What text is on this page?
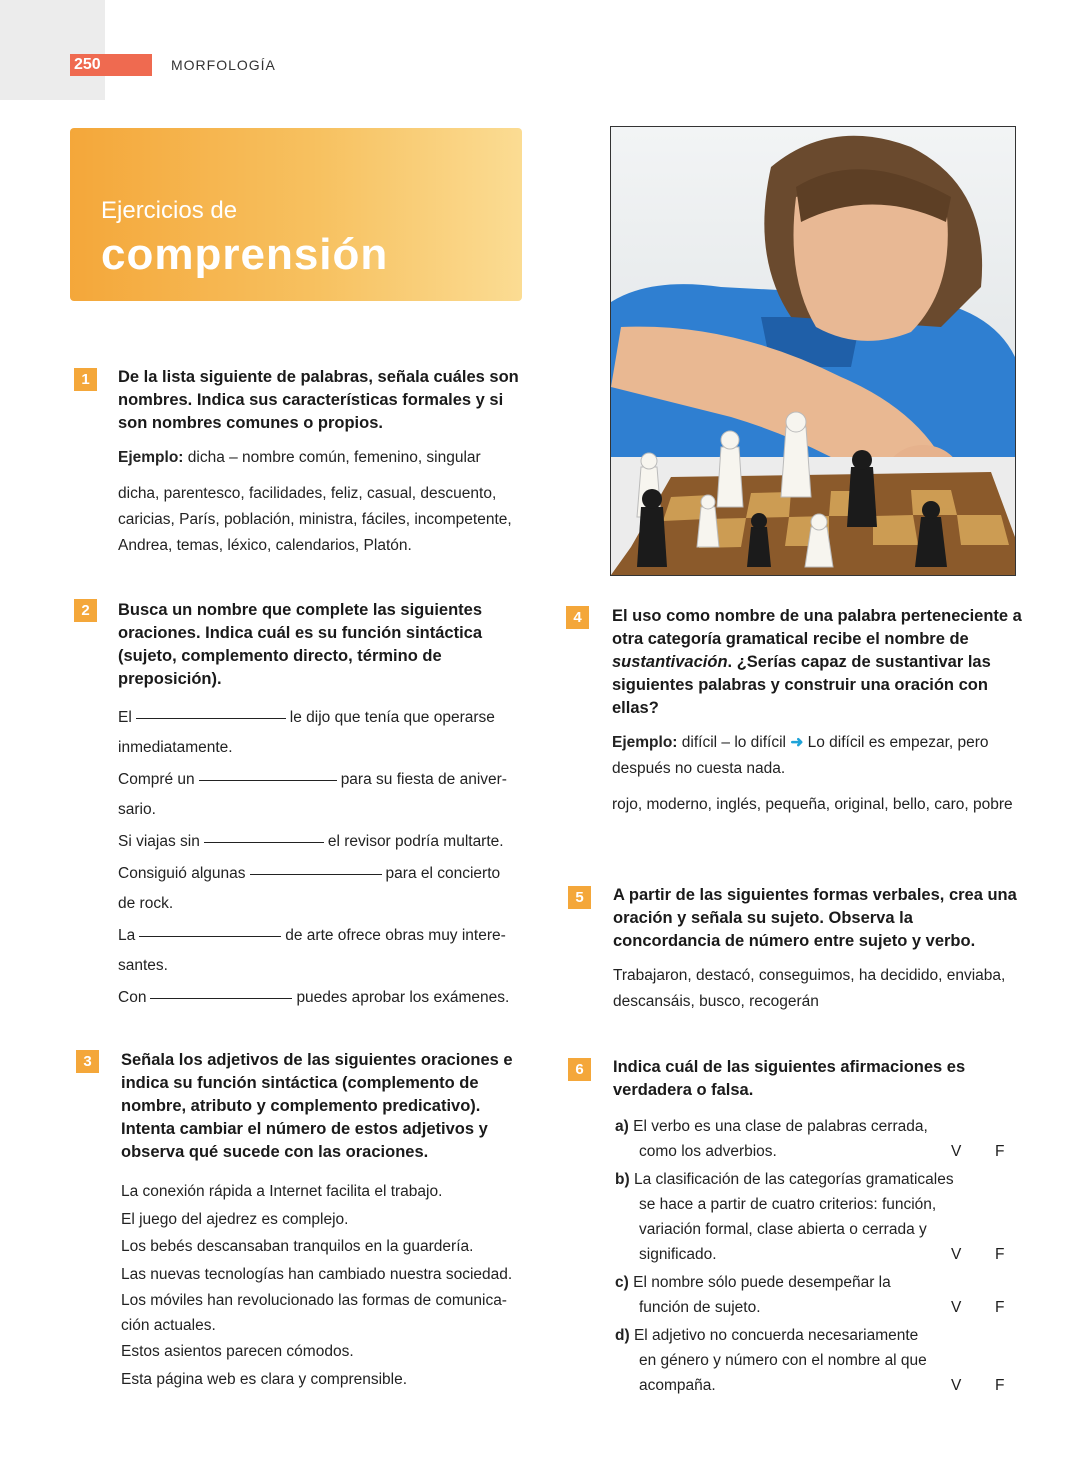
250	MORFOLOGÍA
Ejercicios de
comprensión
1	De la lista siguiente de palabras, señala cuáles son nombres. Indica sus características formales y si son nombres comunes o propios.

Ejemplo: dicha – nombre común, femenino, singular

dicha, parentesco, facilidades, feliz, casual, descuento, caricias, París, población, ministra, fáciles, incompetente, Andrea, temas, léxico, calendarios, Platón.

2	Busca un nombre que complete las siguientes oraciones. Indica cuál es su función sintáctica (sujeto, complemento directo, término de preposición).

El	le dijo que tenía que operarse
inmediatamente.

Compré un	para su fiesta de aniver-
sario.

Si viajas sin	el revisor podría multarte.

Consiguió algunas	para el concierto
de rock.

La	de arte ofrece obras muy intere-
santes.

Con	puedes aprobar los exámenes.

3	Señala los adjetivos de las siguientes oraciones e indica su función sintáctica (complemento de nombre, atributo y complemento predicativo). Intenta cambiar el número de estos adjetivos y observa qué sucede con las oraciones.

La conexión rápida a Internet facilita el trabajo.

El juego del ajedrez es complejo.

Los bebés descansaban tranquilos en la guardería.

Las nuevas tecnologías han cambiado nuestra sociedad.

Los móviles han revolucionado las formas de comunica-

ción actuales.

Estos asientos parecen cómodos.

Esta página web es clara y comprensible.

4	El uso como nombre de una palabra perteneciente a otra categoría gramatical recibe el nombre de sustantivación. ¿Serías capaz de sustantivar las siguientes palabras y construir una oración con ellas?

Ejemplo: difícil – lo difícil ➜ Lo difícil es empezar, pero después no cuesta nada.

rojo, moderno, inglés, pequeña, original, bello, caro, pobre

5	A partir de las siguientes formas verbales, crea una oración y señala su sujeto. Observa la concordancia de número entre sujeto y verbo.

Trabajaron, destacó, conseguimos, ha decidido, enviaba, descansáis, busco, recogerán

6	Indica cuál de las siguientes afirmaciones es verdadera o falsa.

a) El verbo es una clase de palabras cerrada,

como los adverbios.	V F

b) La clasificación de las categorías gramaticales

se hace a partir de cuatro criterios: función,

variación formal, clase abierta o cerrada y

significado.	V F

c) El nombre sólo puede desempeñar la

función de sujeto.	V F

d) El adjetivo no concuerda necesariamente

en género y número con el nombre al que

acompaña.	V F
